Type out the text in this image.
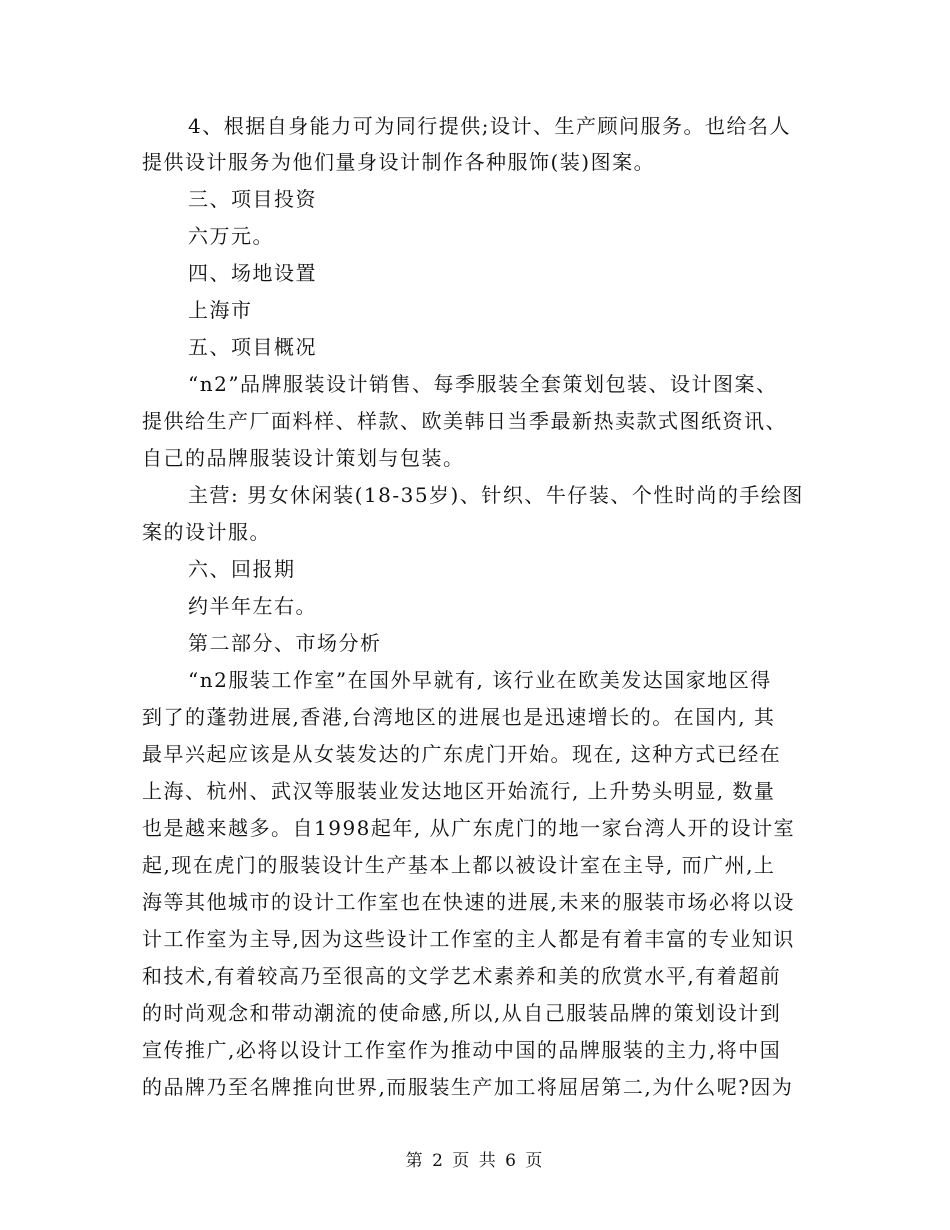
4、根据自身能力可为同行提供;设计、生产顾问服务。也给名人
提供设计服务为他们量身设计制作各种服饰(装)图案。
三、项目投资
六万元。
四、场地设置
上海市
五、项目概况
“n2”品牌服装设计销售、每季服装全套策划包装、设计图案、
提供给生产厂面料样、样款、欧美韩日当季最新热卖款式图纸资讯、
自己的品牌服装设计策划与包装。
主营: 男女休闲装(18-35岁)、针织、牛仔装、个性时尚的手绘图
案的设计服。
六、回报期
约半年左右。
第二部分、市场分析
“n2服装工作室”在国外早就有, 该行业在欧美发达国家地区得
到了的蓬勃进展,香港,台湾地区的进展也是迅速增长的。在国内, 其
最早兴起应该是从女装发达的广东虎门开始。现在, 这种方式已经在
上海、杭州、武汉等服装业发达地区开始流行, 上升势头明显, 数量
也是越来越多。自1998起年, 从广东虎门的地一家台湾人开的设计室
起,现在虎门的服装设计生产基本上都以被设计室在主导, 而广州,上
海等其他城市的设计工作室也在快速的进展,未来的服装市场必将以设
计工作室为主导,因为这些设计工作室的主人都是有着丰富的专业知识
和技术,有着较高乃至很高的文学艺术素养和美的欣赏水平,有着超前
的时尚观念和带动潮流的使命感,所以,从自己服装品牌的策划设计到
宣传推广,必将以设计工作室作为推动中国的品牌服装的主力,将中国
的品牌乃至名牌推向世界,而服装生产加工将屈居第二,为什么呢?因为
第 2 页 共 6 页
